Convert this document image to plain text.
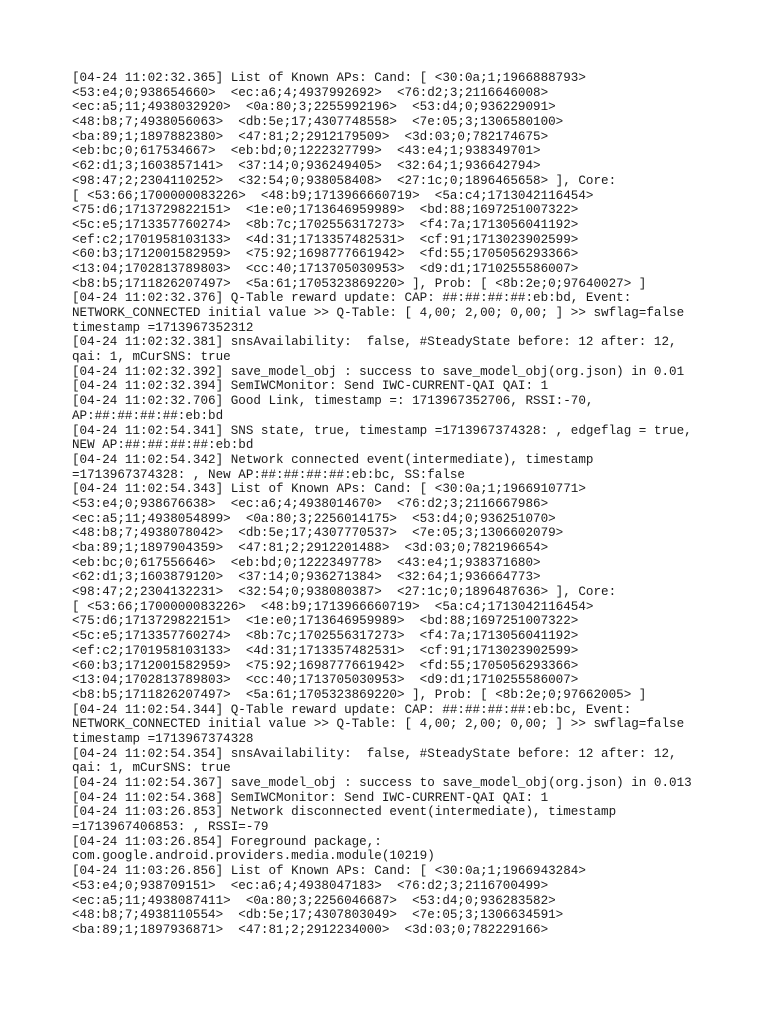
[04-24 11:02:32.365] List of Known APs: Cand: [ <30:0a;1;1966888793>
<53:e4;0;938654660>  <ec:a6;4;4937992692>  <76:d2;3;2116646008>
<ec:a5;11;4938032920>  <0a:80;3;2255992196>  <53:d4;0;936229091>
<48:b8;7;4938056063>  <db:5e;17;4307748558>  <7e:05;3;1306580100>
<ba:89;1;1897882380>  <47:81;2;2912179509>  <3d:03;0;782174675>
<eb:bc;0;617534667>  <eb:bd;0;1222327799>  <43:e4;1;938349701>
<62:d1;3;1603857141>  <37:14;0;936249405>  <32:64;1;936642794>
<98:47;2;2304110252>  <32:54;0;938058408>  <27:1c;0;1896465658> ], Core:
[ <53:66;1700000083226>  <48:b9;1713966660719>  <5a:c4;1713042116454>
<75:d6;1713729822151>  <1e:e0;1713646959989>  <bd:88;1697251007322>
<5c:e5;1713357760274>  <8b:7c;1702556317273>  <f4:7a;1713056041192>
<ef:c2;1701958103133>  <4d:31;1713357482531>  <cf:91;1713023902599>
<60:b3;1712001582959>  <75:92;1698777661942>  <fd:55;1705056293366>
<13:04;1702813789803>  <cc:40;1713705030953>  <d9:d1;1710255586007>
<b8:b5;1711826207497>  <5a:61;1705323869220> ], Prob: [ <8b:2e;0;97640027> ]
[04-24 11:02:32.376] Q-Table reward update: CAP: ##:##:##:##:eb:bd, Event:
NETWORK_CONNECTED initial value >> Q-Table: [ 4,00; 2,00; 0,00; ] >> swflag=false
timestamp =1713967352312
[04-24 11:02:32.381] snsAvailability:  false, #SteadyState before: 12 after: 12,
qai: 1, mCurSNS: true
[04-24 11:02:32.392] save_model_obj : success to save_model_obj(org.json) in 0.01
[04-24 11:02:32.394] SemIWCMonitor: Send IWC-CURRENT-QAI QAI: 1
[04-24 11:02:32.706] Good Link, timestamp =: 1713967352706, RSSI:-70,
AP:##:##:##:##:eb:bd
[04-24 11:02:54.341] SNS state, true, timestamp =1713967374328: , edgeflag = true,
NEW AP:##:##:##:##:eb:bd
[04-24 11:02:54.342] Network connected event(intermediate), timestamp
=1713967374328: , New AP:##:##:##:##:eb:bc, SS:false
[04-24 11:02:54.343] List of Known APs: Cand: [ <30:0a;1;1966910771>
<53:e4;0;938676638>  <ec:a6;4;4938014670>  <76:d2;3;2116667986>
<ec:a5;11;4938054899>  <0a:80;3;2256014175>  <53:d4;0;936251070>
<48:b8;7;4938078042>  <db:5e;17;4307770537>  <7e:05;3;1306602079>
<ba:89;1;1897904359>  <47:81;2;2912201488>  <3d:03;0;782196654>
<eb:bc;0;617556646>  <eb:bd;0;1222349778>  <43:e4;1;938371680>
<62:d1;3;1603879120>  <37:14;0;936271384>  <32:64;1;936664773>
<98:47;2;2304132231>  <32:54;0;938080387>  <27:1c;0;1896487636> ], Core:
[ <53:66;1700000083226>  <48:b9;1713966660719>  <5a:c4;1713042116454>
<75:d6;1713729822151>  <1e:e0;1713646959989>  <bd:88;1697251007322>
<5c:e5;1713357760274>  <8b:7c;1702556317273>  <f4:7a;1713056041192>
<ef:c2;1701958103133>  <4d:31;1713357482531>  <cf:91;1713023902599>
<60:b3;1712001582959>  <75:92;1698777661942>  <fd:55;1705056293366>
<13:04;1702813789803>  <cc:40;1713705030953>  <d9:d1;1710255586007>
<b8:b5;1711826207497>  <5a:61;1705323869220> ], Prob: [ <8b:2e;0;97662005> ]
[04-24 11:02:54.344] Q-Table reward update: CAP: ##:##:##:##:eb:bc, Event:
NETWORK_CONNECTED initial value >> Q-Table: [ 4,00; 2,00; 0,00; ] >> swflag=false
timestamp =1713967374328
[04-24 11:02:54.354] snsAvailability:  false, #SteadyState before: 12 after: 12,
qai: 1, mCurSNS: true
[04-24 11:02:54.367] save_model_obj : success to save_model_obj(org.json) in 0.013
[04-24 11:02:54.368] SemIWCMonitor: Send IWC-CURRENT-QAI QAI: 1
[04-24 11:03:26.853] Network disconnected event(intermediate), timestamp
=1713967406853: , RSSI=-79
[04-24 11:03:26.854] Foreground package,:
com.google.android.providers.media.module(10219)
[04-24 11:03:26.856] List of Known APs: Cand: [ <30:0a;1;1966943284>
<53:e4;0;938709151>  <ec:a6;4;4938047183>  <76:d2;3;2116700499>
<ec:a5;11;4938087411>  <0a:80;3;2256046687>  <53:d4;0;936283582>
<48:b8;7;4938110554>  <db:5e;17;4307803049>  <7e:05;3;1306634591>
<ba:89;1;1897936871>  <47:81;2;2912234000>  <3d:03;0;782229166>
